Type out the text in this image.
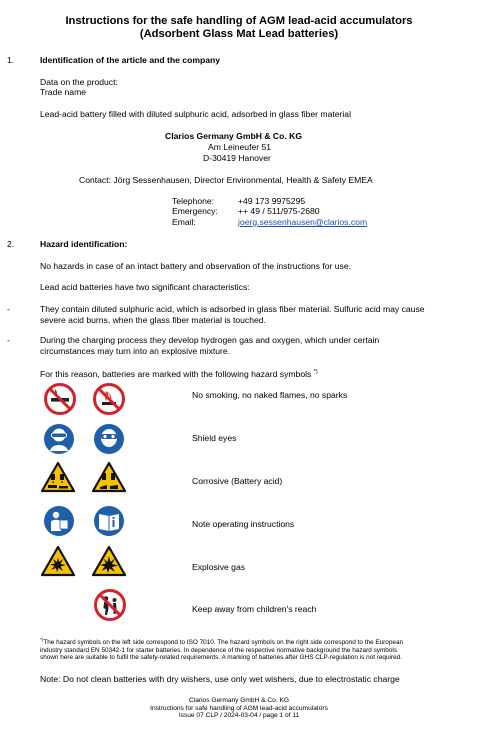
Instructions for the safe handling of AGM lead-acid accumulators
(Adsorbent Glass Mat Lead batteries)
1.	Identification of the article and the company
Data on the product:
Trade name
Lead-acid battery filled with diluted sulphuric acid, adsorbed in glass fiber material
Clarios Germany GmbH & Co. KG
Am Leineufer 51
D-30419 Hanover
Contact: Jörg Sessenhausen, Director Environmental, Health & Safety EMEA
Telephone:	+49 173 9975295
Emergency: ++ 49 / 511/975-2680
Email:	joerg.sessenhausen@clarios.com
2.	Hazard identification:
No hazards in case of an intact battery and observation of the instructions for use.
Lead acid batteries have two significant characteristics:
-	They contain diluted sulphuric acid, which is adsorbed in glass fiber material. Sulfuric acid may cause
severe acid burns, when the glass fiber material is touched.
-	During the charging process they develop hydrogen gas and oxygen, which under certain
circumstances may turn into an explosive mixture.
For this reason, batteries are marked with the following hazard symbols *)
No smoking, no naked flames, no sparks
Shield eyes
Corrosive (Battery acid)
Note operating instructions
Explosive gas
Keep away from children's reach
*)The hazard symbols on the left side correspond to ISO 7010. The hazard symbols on the right side correspond to the European
industry standard EN 50342-1 for starter batteries. In dependence of the respective normative background the hazard symbols
shown here are suitable to fulfil the safety-related requirements. A marking of batteries after GHS CLP-regulation is not required.
Note: Do not clean batteries with dry wishers, use only wet wishers, due to electrostatic charge
Clarios Germany GmbH & Co. KG
Instructions for safe handling of AGM lead-acid accumulators
Issue 07 CLP / 2024-03-04 / page 1 of 11
